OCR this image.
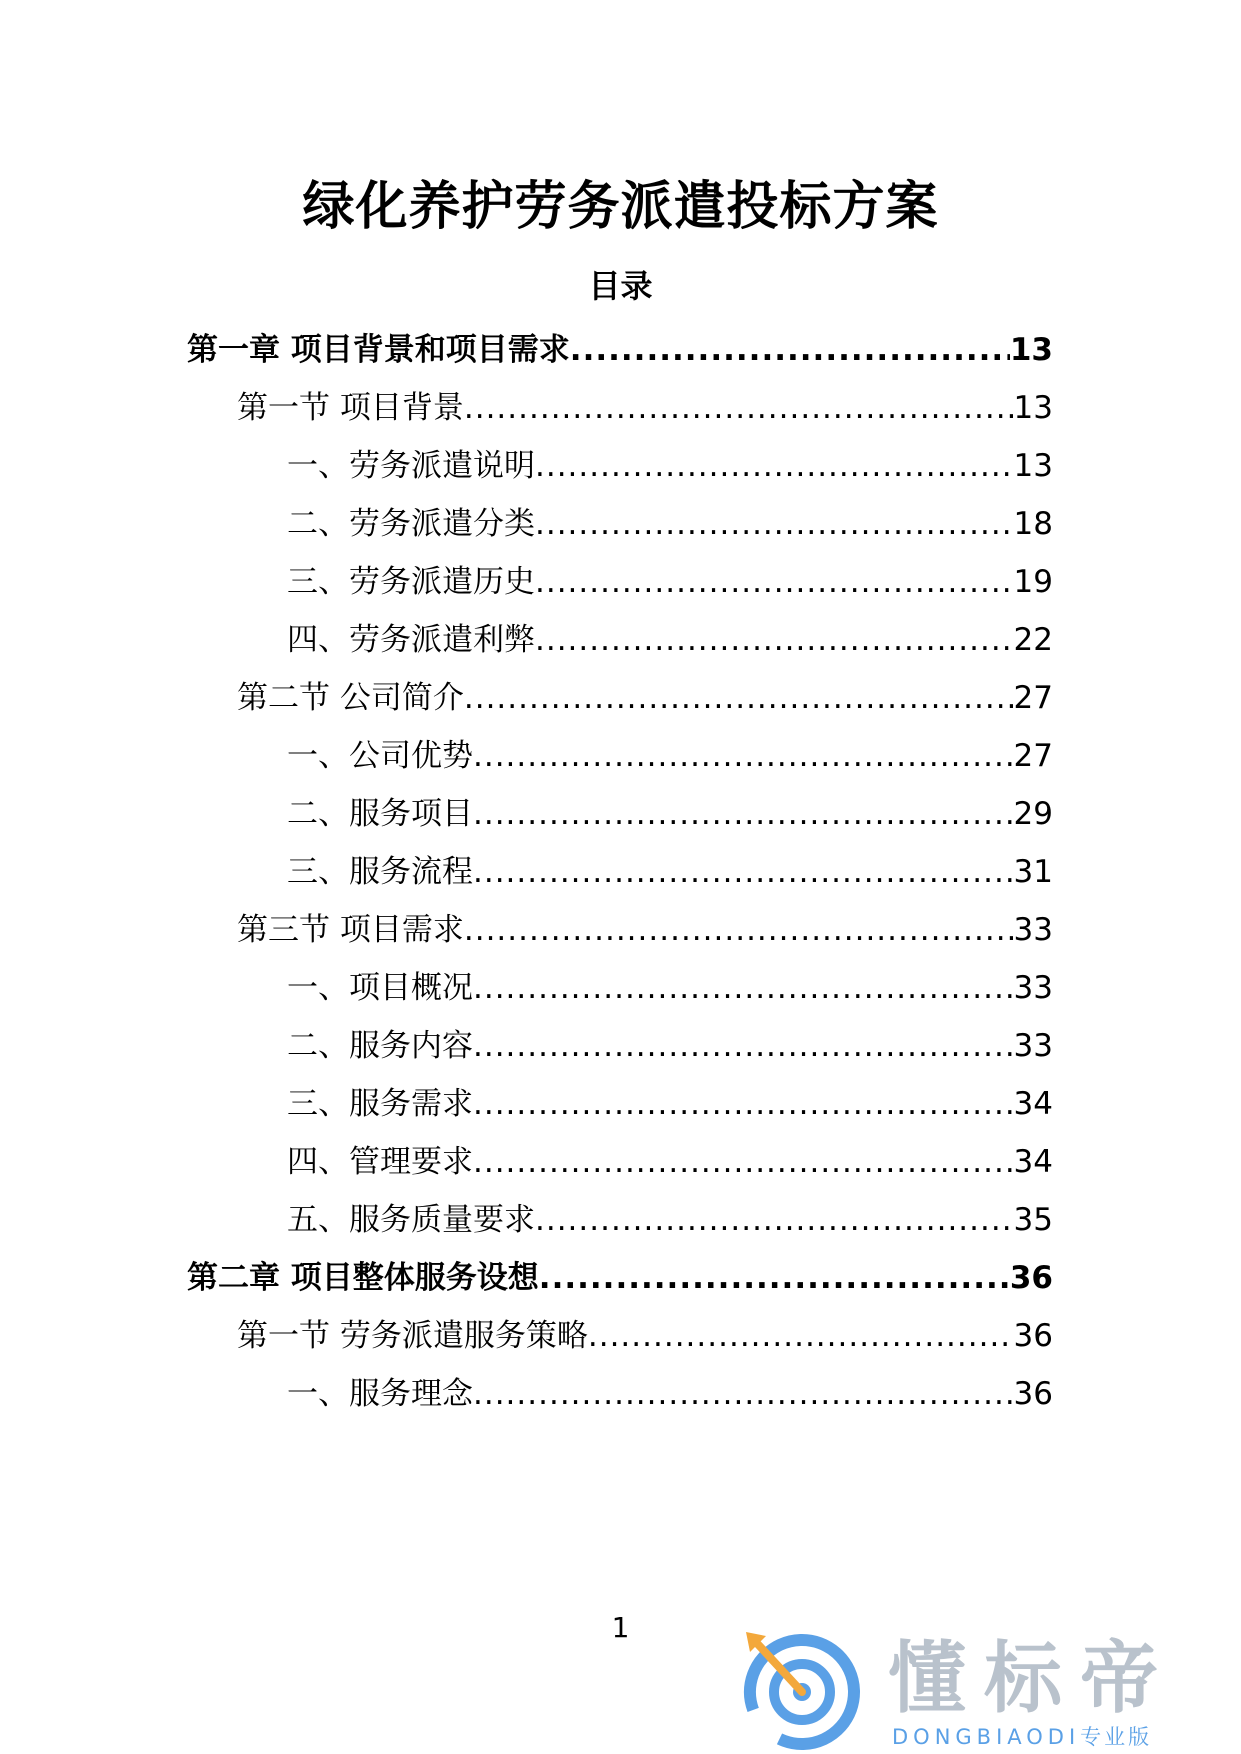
绿化养护劳务派遣投标方案
目录
第一章 项目背景和项目需求 .....	13
第一节 项目背景 .....	13
一、劳务派遣说明 .....	13
二、劳务派遣分类 .....	18
三、劳务派遣历史 .....	19
四、劳务派遣利弊 .....	22
第二节 公司简介 .....	27
一、公司优势 .....	27
二、服务项目 .....	29
三、服务流程 .....	31
第三节 项目需求 .....	33
一、项目概况 .....	33
二、服务内容 .....	33
三、服务需求 .....	34
四、管理要求 .....	34
五、服务质量要求 .....	35
第二章 项目整体服务设想 .....	36
第一节 劳务派遣服务策略 .....	36
一、服务理念 .....	36
1
懂标帝
DONGBIAODI专业版
